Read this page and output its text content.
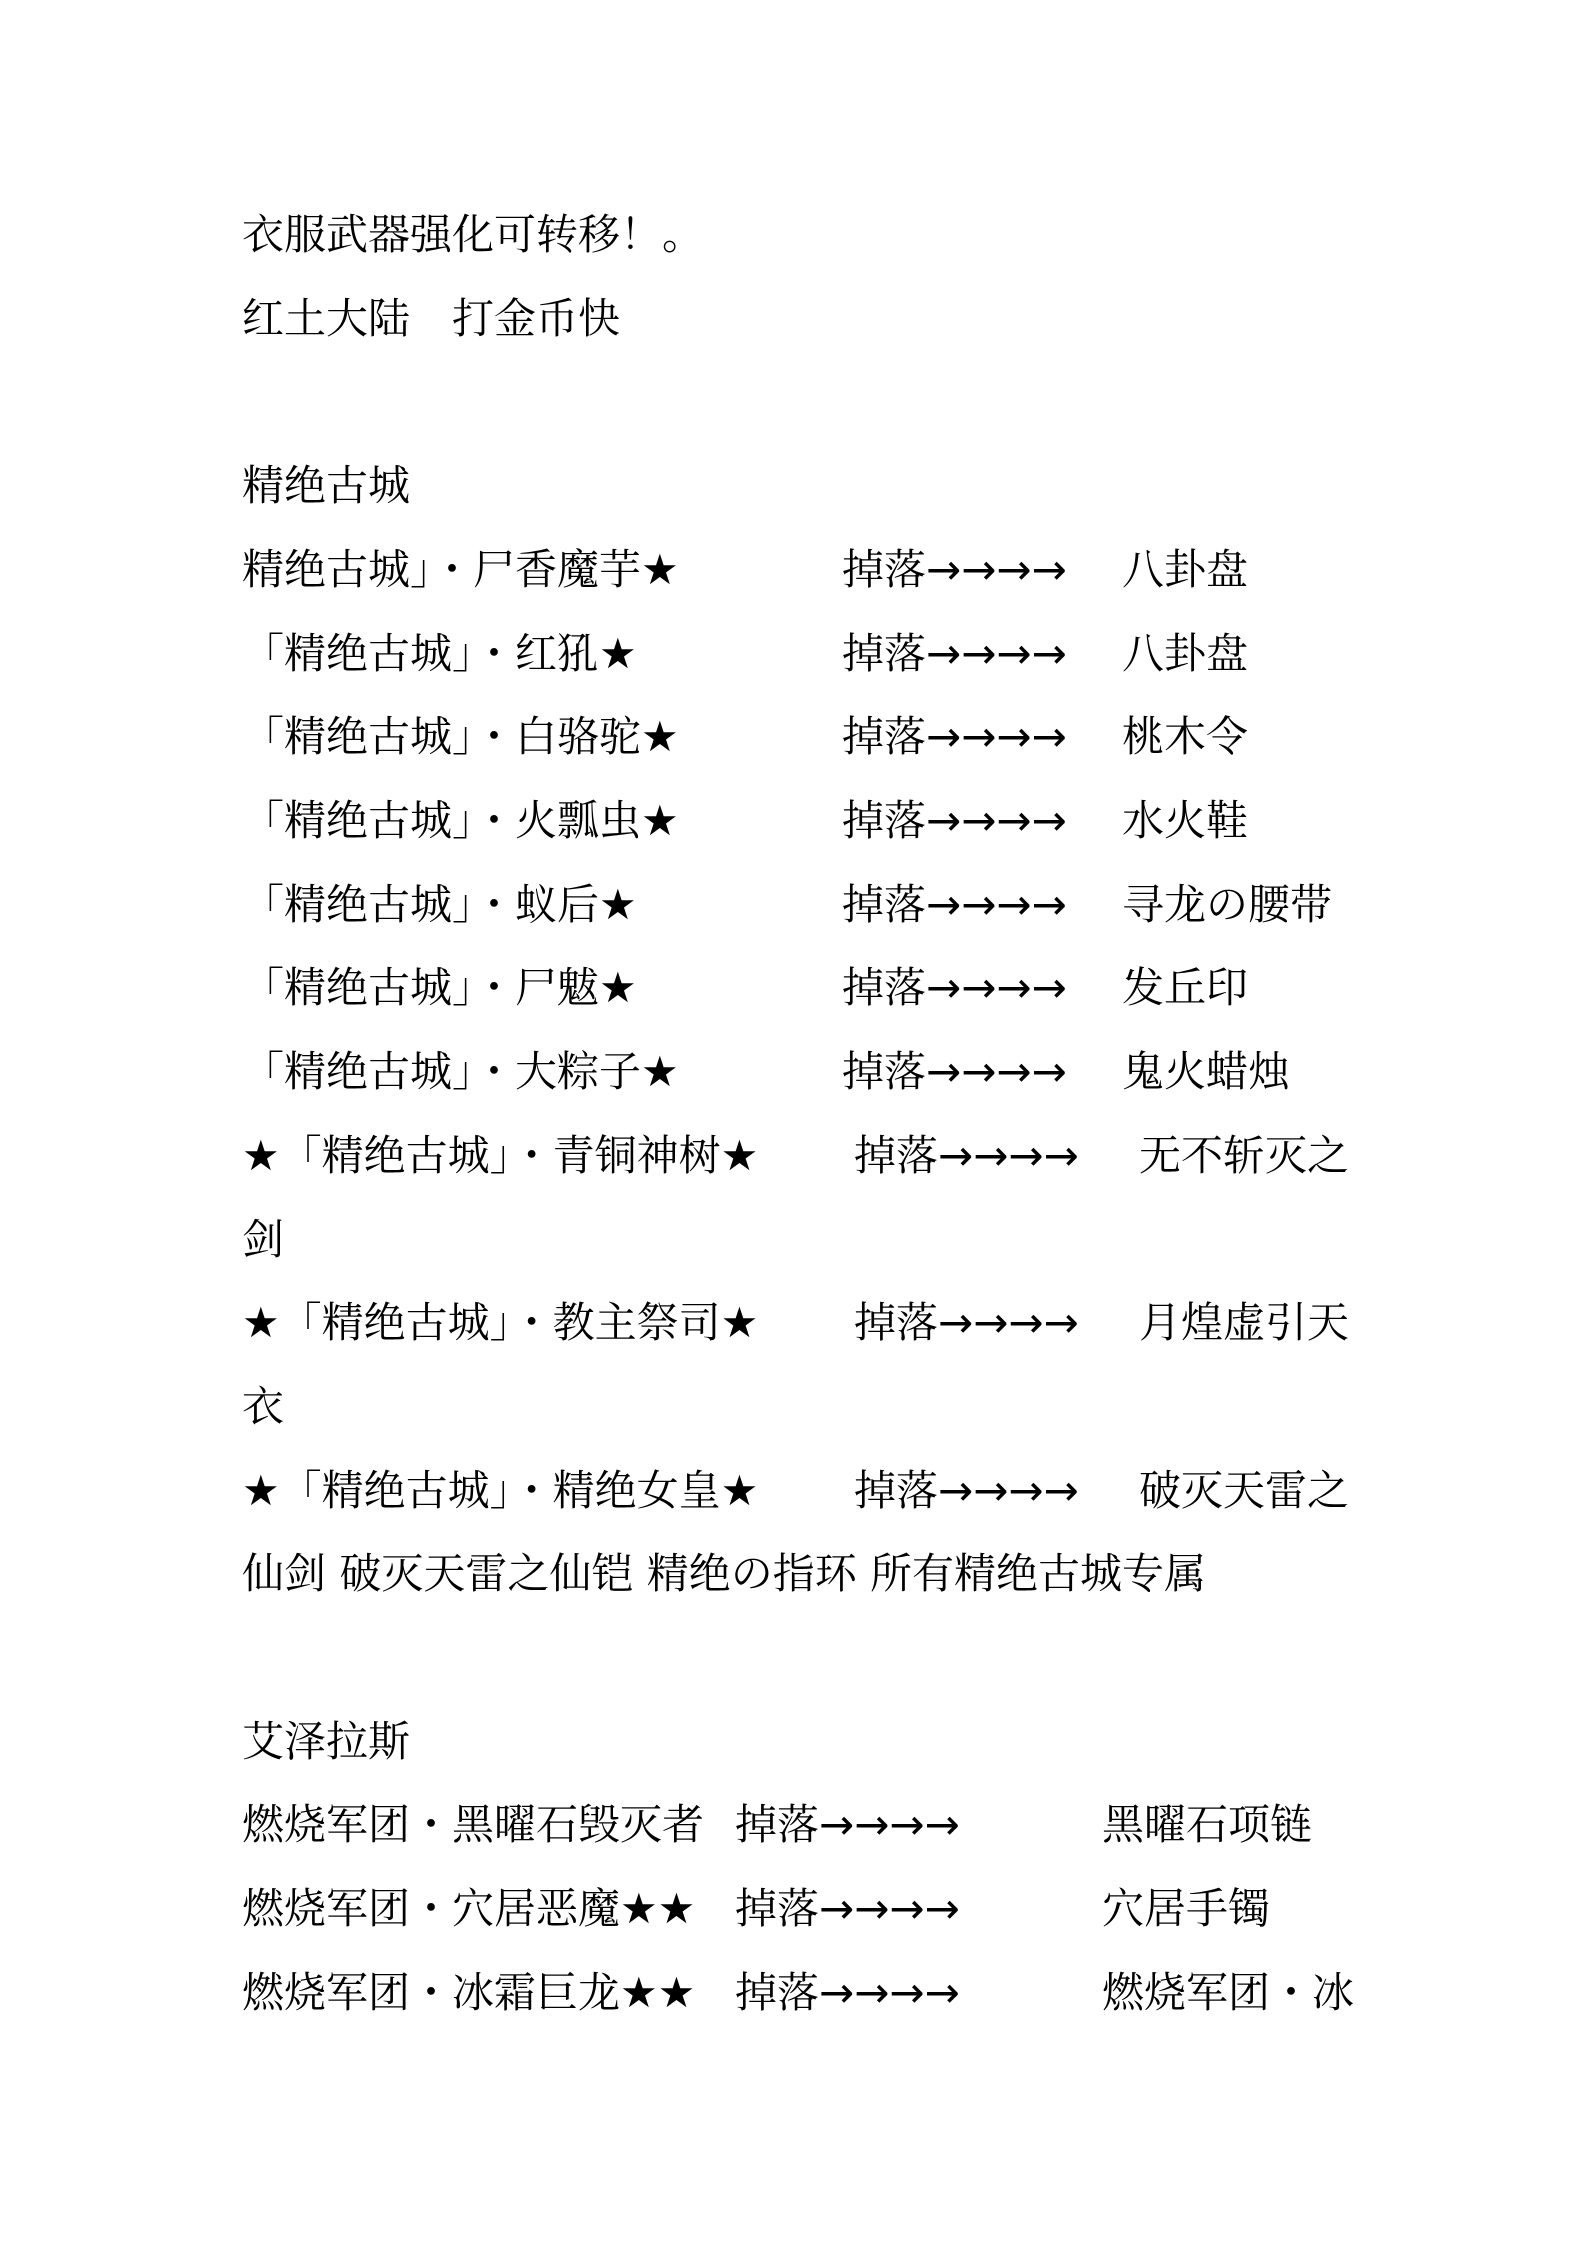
衣服武器强化可转移！。
红土大陆　打金币快
精绝古城
精绝古城」・尸香魔芋★	掉落→→→→ 八卦盘
「精绝古城」・红犼★	掉落→→→→ 八卦盘
「精绝古城」・白骆驼★	掉落→→→→ 桃木令
「精绝古城」・火瓢虫★	掉落→→→→ 水火鞋
「精绝古城」・蚁后★	掉落→→→→ 寻龙の腰带
「精绝古城」・尸魃★	掉落→→→→ 发丘印
「精绝古城」・大粽子★	掉落→→→→ 鬼火蜡烛
★「精绝古城」・青铜神树★ 掉落→→→→ 无不斩灭之
剑
★「精绝古城」・教主祭司★ 掉落→→→→ 月煌虚引天
衣
★「精绝古城」・精绝女皇★ 掉落→→→→ 破灭天雷之
仙剑 破灭天雷之仙铠 精绝の指环 所有精绝古城专属
艾泽拉斯
燃烧军团・黑曜石毁灭者 掉落→→→→	黑曜石项链
燃烧军团・穴居恶魔★★ 掉落→→→→	穴居手镯
燃烧军团・冰霜巨龙★★ 掉落→→→→	燃烧军团・冰
